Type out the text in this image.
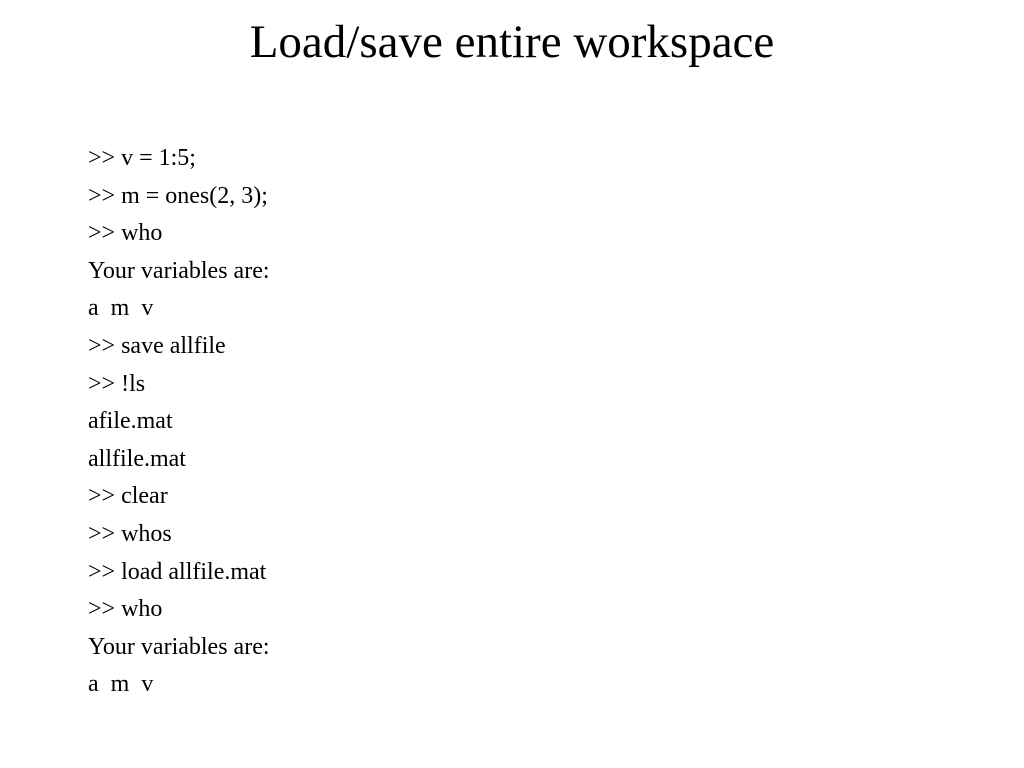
Load/save entire workspace
>> v = 1:5;
>> m = ones(2, 3);
>> who
Your variables are:
a  m  v
>> save allfile
>> !ls
afile.mat
allfile.mat
>> clear
>> whos
>> load allfile.mat
>> who
Your variables are:
a  m  v
